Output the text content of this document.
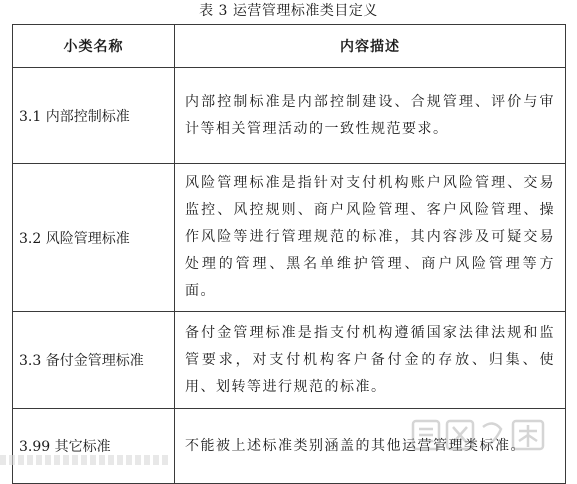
表 3 运营管理标准类目定义
小类名称	内容描述
3.1 内部控制标准	内部控制标准是内部控制建设、合规管理、评价与审计等相关管理活动的一致性规范要求。
3.2 风险管理标准	风险管理标准是指针对支付机构账户风险管理、交易监控、风控规则、商户风险管理、客户风险管理、操作风险等进行管理规范的标准，其内容涉及可疑交易处理的管理、黑名单维护管理、商户风险管理等方面。
3.3 备付金管理标准	备付金管理标准是指支付机构遵循国家法律法规和监管要求，对支付机构客户备付金的存放、归集、使用、划转等进行规范的标准。
3.99 其它标准	不能被上述标准类别涵盖的其他运营管理类标准。
